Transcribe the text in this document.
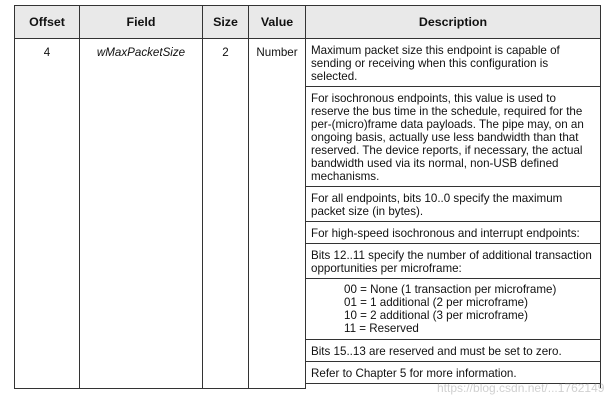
Offset	Field	Size	Value	Description
4	wMaxPacketSize	2	Number	Maximum packet size this endpoint is capable of sending or receiving when this configuration is selected.
				For isochronous endpoints, this value is used to reserve the bus time in the schedule, required for the per-(micro)frame data payloads. The pipe may, on an ongoing basis, actually use less bandwidth than that reserved. The device reports, if necessary, the actual bandwidth used via its normal, non-USB defined mechanisms.
				For all endpoints, bits 10..0 specify the maximum packet size (in bytes).
				For high-speed isochronous and interrupt endpoints:
				Bits 12..11 specify the number of additional transaction opportunities per microframe:

				00 = None (1 transaction per microframe)
01 = 1 additional (2 per microframe)
10 = 2 additional (3 per microframe)
11 = Reserved

				Bits 15..13 are reserved and must be set to zero.
				Refer to Chapter 5 for more information.

https://blog.csdn.net/...1762149
